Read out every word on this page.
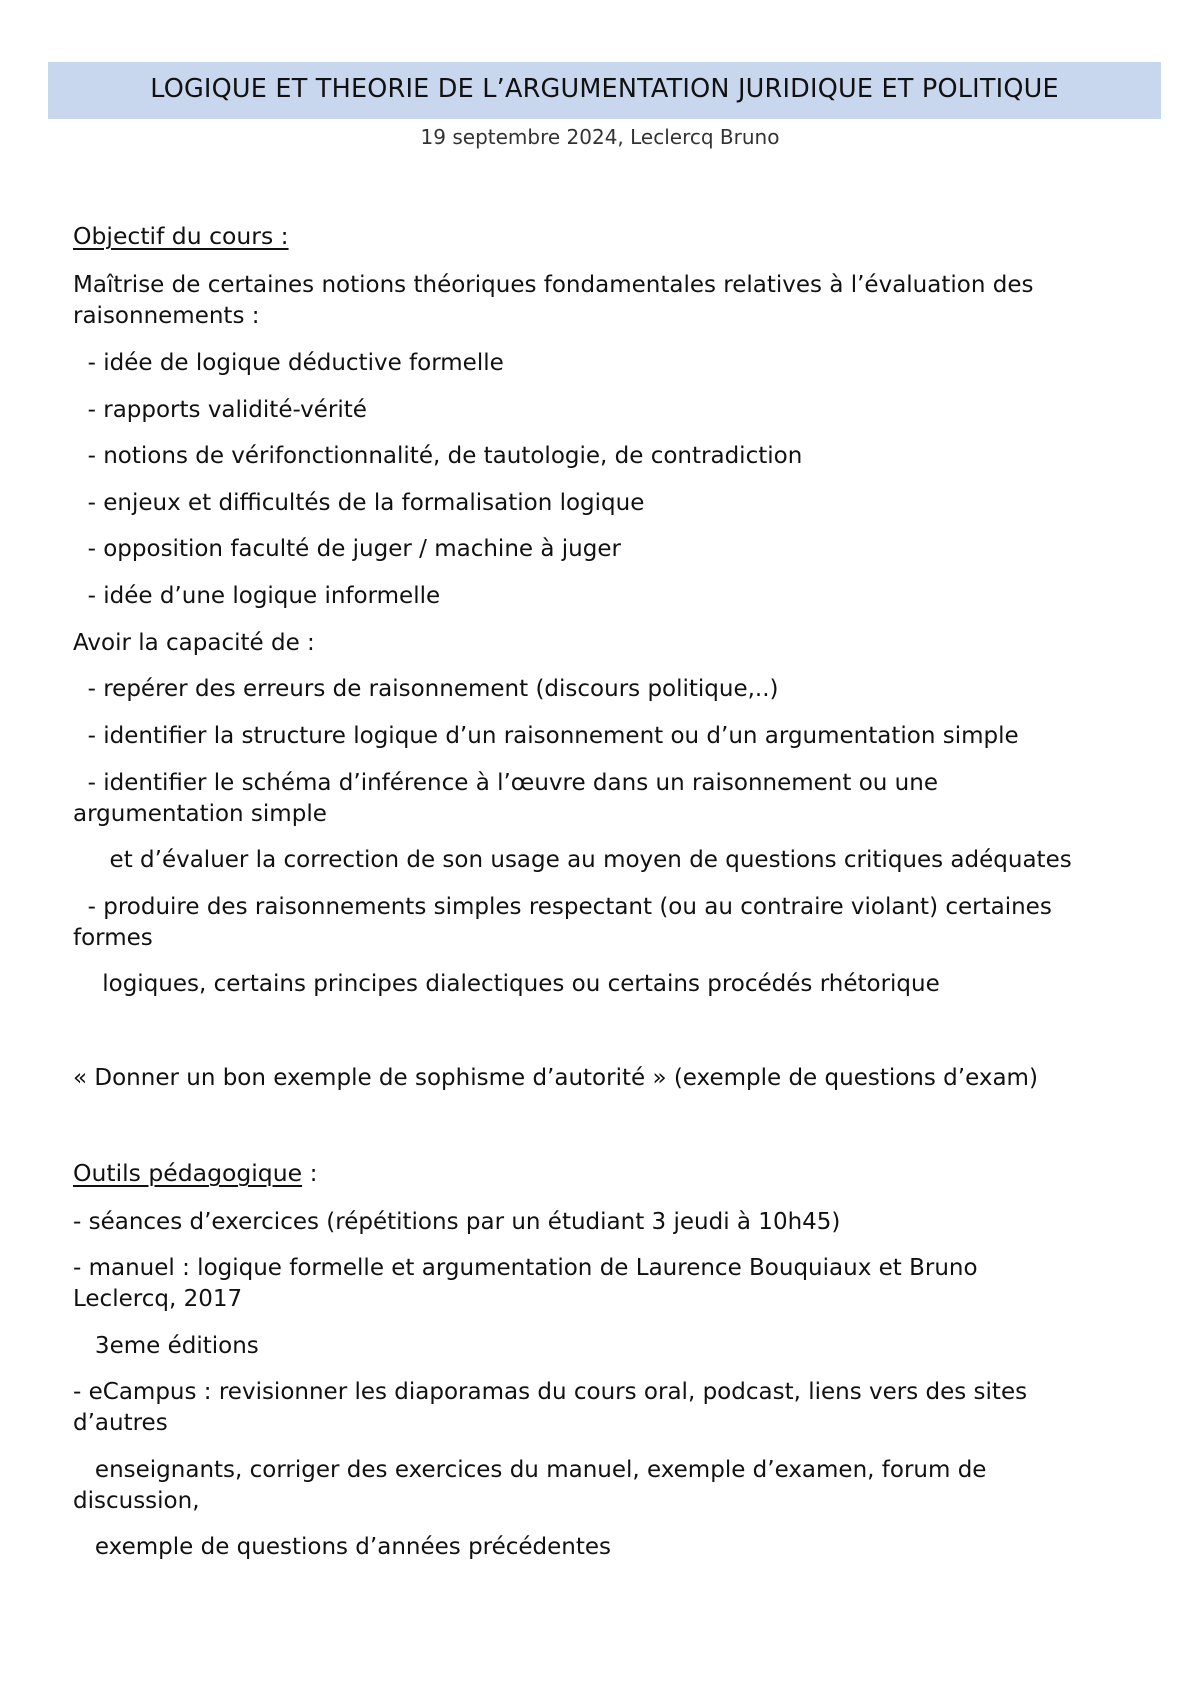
LOGIQUE ET THEORIE DE L’ARGUMENTATION JURIDIQUE ET POLITIQUE
19 septembre 2024, Leclercq Bruno
Objectif du cours :
Maîtrise de certaines notions théoriques fondamentales relatives à l’évaluation des
raisonnements :
- idée de logique déductive formelle
- rapports validité-vérité
- notions de vérifonctionnalité, de tautologie, de contradiction
- enjeux et difficultés de la formalisation logique
- opposition faculté de juger / machine à juger
- idée d’une logique informelle
Avoir la capacité de :
- repérer des erreurs de raisonnement (discours politique,..)
- identifier la structure logique d’un raisonnement ou d’un argumentation simple
- identifier le schéma d’inférence à l’œuvre dans un raisonnement ou une
argumentation simple
et d’évaluer la correction de son usage au moyen de questions critiques adéquates
- produire des raisonnements simples respectant (ou au contraire violant) certaines
formes
logiques, certains principes dialectiques ou certains procédés rhétorique
« Donner un bon exemple de sophisme d’autorité » (exemple de questions d’exam)
Outils pédagogique :
- séances d’exercices (répétitions par un étudiant 3 jeudi à 10h45)
- manuel : logique formelle et argumentation de Laurence Bouquiaux et Bruno
Leclercq, 2017
3eme éditions
- eCampus : revisionner les diaporamas du cours oral, podcast, liens vers des sites
d’autres
enseignants, corriger des exercices du manuel, exemple d’examen, forum de
discussion,
exemple de questions d’années précédentes
